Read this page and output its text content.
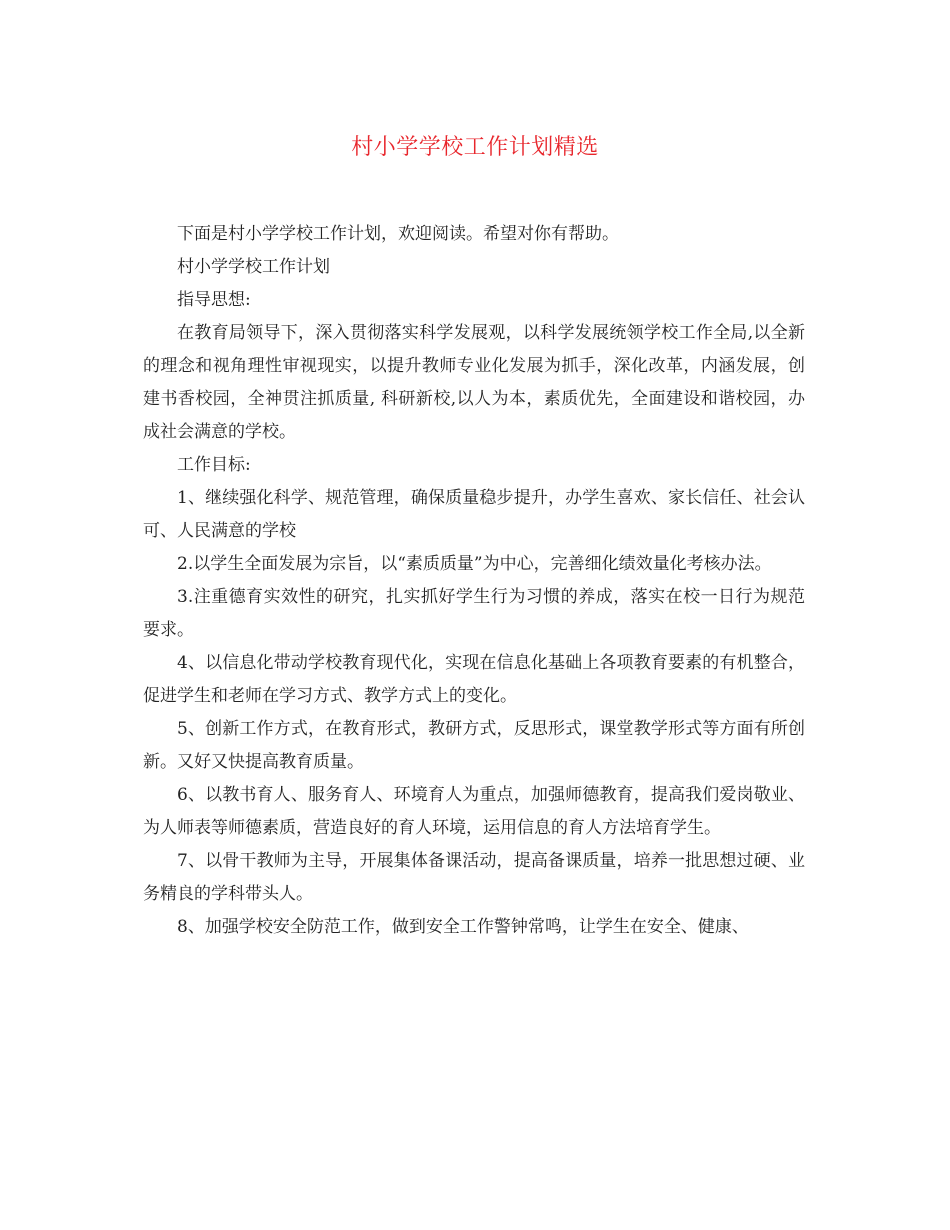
村小学学校工作计划精选

下面是村小学学校工作计划，欢迎阅读。希望对你有帮助。

村小学学校工作计划

指导思想:

在教育局领导下，深入贯彻落实科学发展观，以科学发展统领学校工作全局,以全新的理念和视角理性审视现实，以提升教师专业化发展为抓手，深化改革，内涵发展，创建书香校园，全神贯注抓质量, 科研新校,以人为本，素质优先，全面建设和谐校园，办成社会满意的学校。

工作目标:

1、继续强化科学、规范管理，确保质量稳步提升，办学生喜欢、家长信任、社会认可、人民满意的学校

2.以学生全面发展为宗旨，以“素质质量”为中心，完善细化绩效量化考核办法。

3.注重德育实效性的研究，扎实抓好学生行为习惯的养成，落实在校一日行为规范要求。

4、以信息化带动学校教育现代化，实现在信息化基础上各项教育要素的有机整合，促进学生和老师在学习方式、教学方式上的变化。

5、创新工作方式，在教育形式，教研方式，反思形式，课堂教学形式等方面有所创新。又好又快提高教育质量。

6、以教书育人、服务育人、环境育人为重点，加强师德教育，提高我们爱岗敬业、为人师表等师德素质，营造良好的育人环境，运用信息的育人方法培育学生。

7、以骨干教师为主导，开展集体备课活动，提高备课质量，培养一批思想过硬、业务精良的学科带头人。

8、加强学校安全防范工作，做到安全工作警钟常鸣，让学生在安全、健康、
